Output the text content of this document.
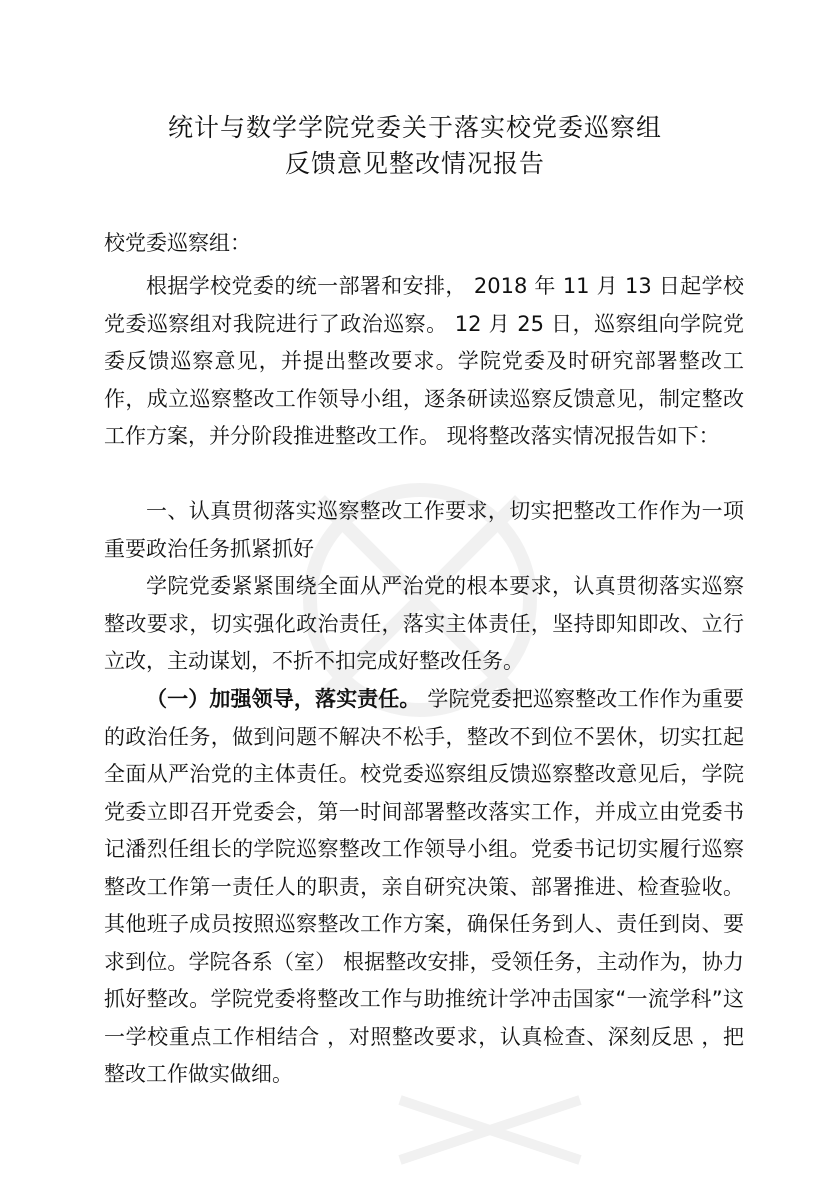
统计与数学学院党委关于落实校党委巡察组
反馈意见整改情况报告
校党委巡察组：

根据学校党委的统一部署和安排， 2018 年 11 月 13 日起学校党委巡察组对我院进行了政治巡察。 12 月 25 日，巡察组向学院党委反馈巡察意见，并提出整改要求。学院党委及时研究部署整改工作，成立巡察整改工作领导小组，逐条研读巡察反馈意见，制定整改工作方案，并分阶段推进整改工作。 现将整改落实情况报告如下：

一、认真贯彻落实巡察整改工作要求，切实把整改工作作为一项重要政治任务抓紧抓好

学院党委紧紧围绕全面从严治党的根本要求，认真贯彻落实巡察整改要求，切实强化政治责任，落实主体责任，坚持即知即改、立行立改，主动谋划，不折不扣完成好整改任务。

（一）加强领导，落实责任。 学院党委把巡察整改工作作为重要的政治任务，做到问题不解决不松手，整改不到位不罢休，切实扛起全面从严治党的主体责任。校党委巡察组反馈巡察整改意见后，学院党委立即召开党委会，第一时间部署整改落实工作，并成立由党委书记潘烈任组长的学院巡察整改工作领导小组。党委书记切实履行巡察整改工作第一责任人的职责，亲自研究决策、部署推进、检查验收。其他班子成员按照巡察整改工作方案，确保任务到人、责任到岗、要求到位。学院各系（室） 根据整改安排，受领任务，主动作为，协力抓好整改。学院党委将整改工作与助推统计学冲击国家“一流学科”这一学校重点工作相结合 ，对照整改要求，认真检查、深刻反思 ，把整改工作做实做细。
